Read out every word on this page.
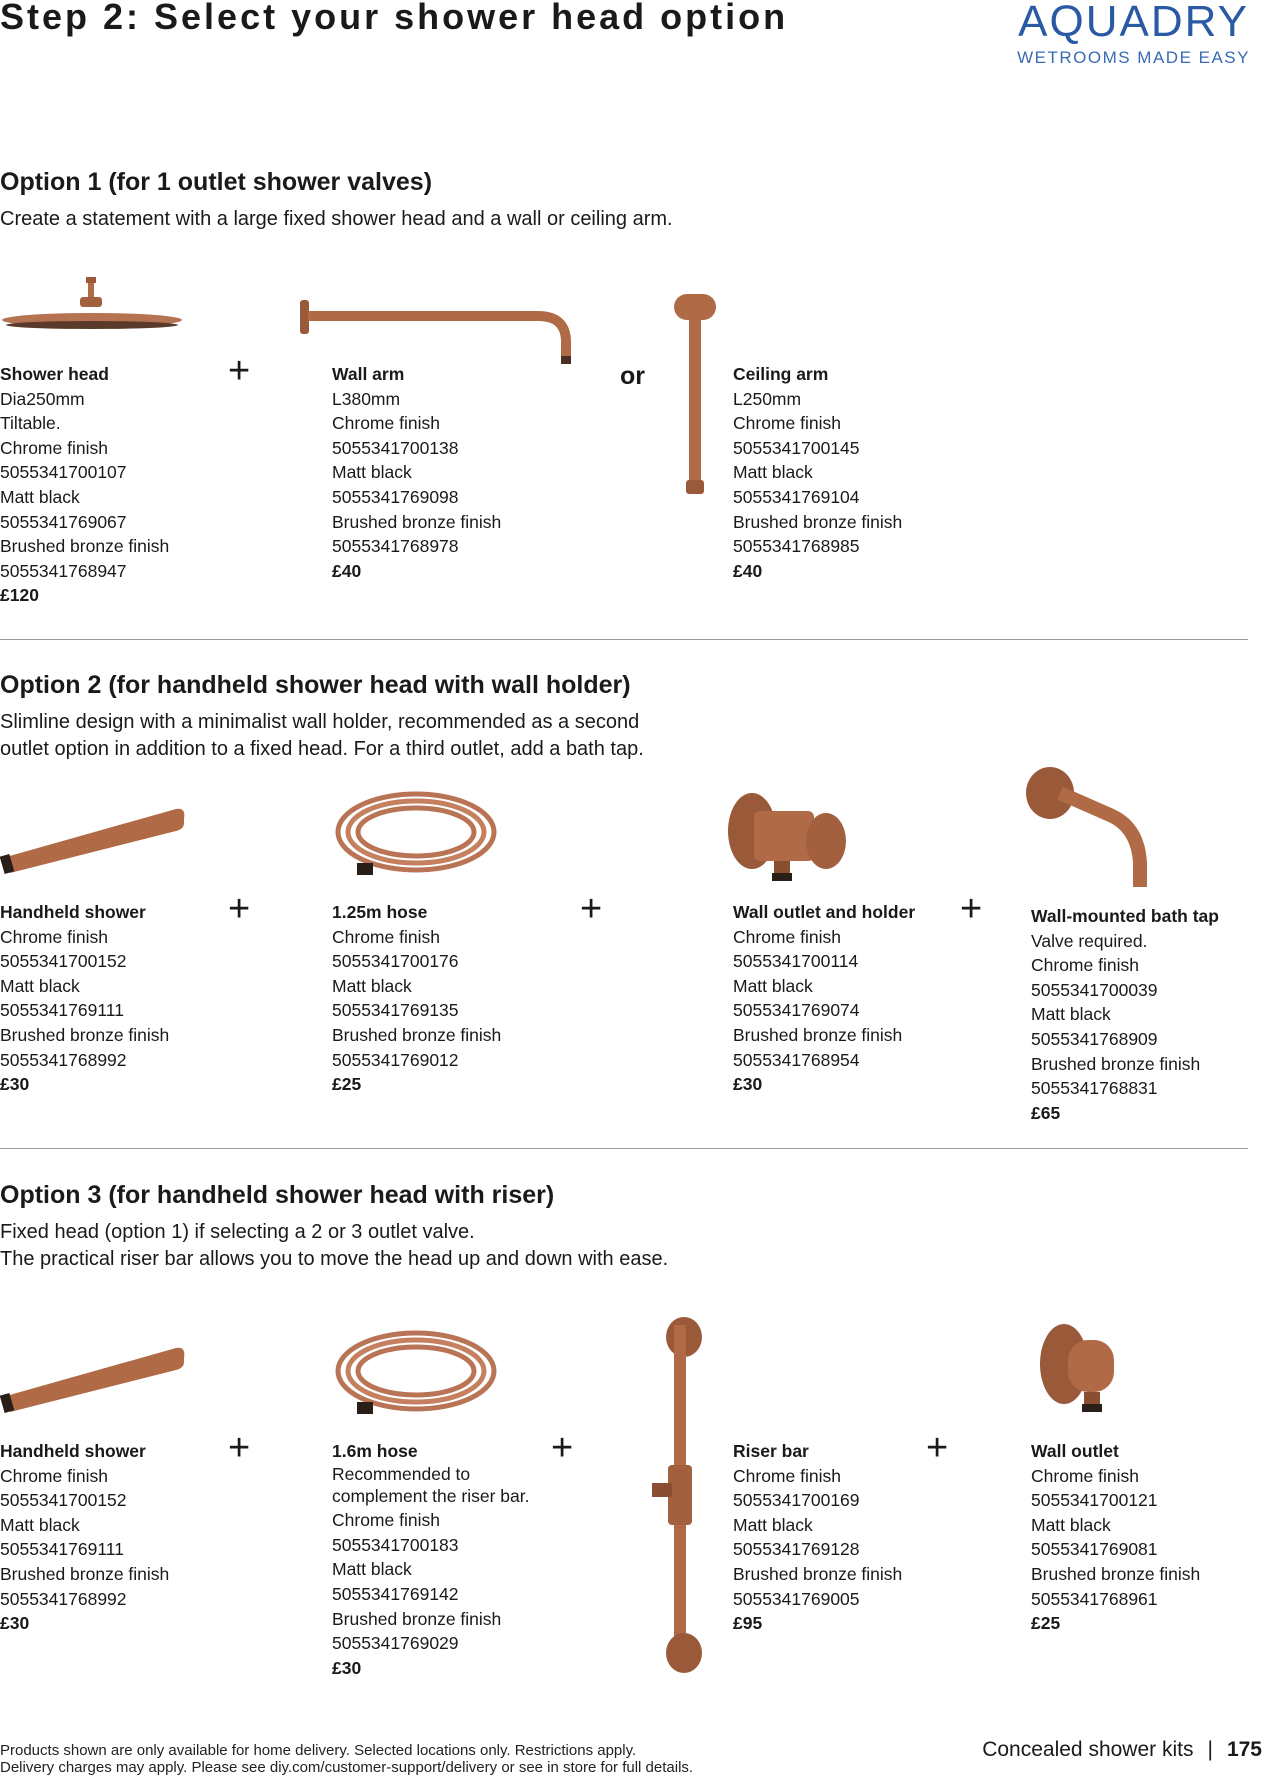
Step 2: Select your shower head option	AQUADRY
WETROOMS MADE EASY
Option 1 (for 1 outlet shower valves)
Create a statement with a large fixed shower head and a wall or ceiling arm.
Shower head
Dia250mm
Tiltable.
Chrome finish
5055341700107
Matt black
5055341769067
Brushed bronze finish
5055341768947
£120
+	Wall arm
L380mm
Chrome finish
5055341700138
Matt black
5055341769098
Brushed bronze finish
5055341768978
£40
or	Ceiling arm
L250mm
Chrome finish
5055341700145
Matt black
5055341769104
Brushed bronze finish
5055341768985
£40
Option 2 (for handheld shower head with wall holder)
Slimline design with a minimalist wall holder, recommended as a second
outlet option in addition to a fixed head. For a third outlet, add a bath tap.
Handheld shower
Chrome finish
5055341700152
Matt black
5055341769111
Brushed bronze finish
5055341768992
£30
+	1.25m hose
Chrome finish
5055341700176
Matt black
5055341769135
Brushed bronze finish
5055341769012
£25
+	Wall outlet and holder
Chrome finish
5055341700114
Matt black
5055341769074
Brushed bronze finish
5055341768954
£30
+	Wall-mounted bath tap
Valve required.
Chrome finish
5055341700039
Matt black
5055341768909
Brushed bronze finish
5055341768831
£65
Option 3 (for handheld shower head with riser)
Fixed head (option 1) if selecting a 2 or 3 outlet valve.
The practical riser bar allows you to move the head up and down with ease.
Handheld shower
Chrome finish
5055341700152
Matt black
5055341769111
Brushed bronze finish
5055341768992
£30
+	1.6m hose
Recommended to
complement the riser bar.
Chrome finish
5055341700183
Matt black
5055341769142
Brushed bronze finish
5055341769029
£30
+	Riser bar
Chrome finish
5055341700169
Matt black
5055341769128
Brushed bronze finish
5055341769005
£95
+	Wall outlet
Chrome finish
5055341700121
Matt black
5055341769081
Brushed bronze finish
5055341768961
£25
Products shown are only available for home delivery. Selected locations only. Restrictions apply.
Delivery charges may apply. Please see diy.com/customer-support/delivery or see in store for full details.
Concealed shower kits | 175
